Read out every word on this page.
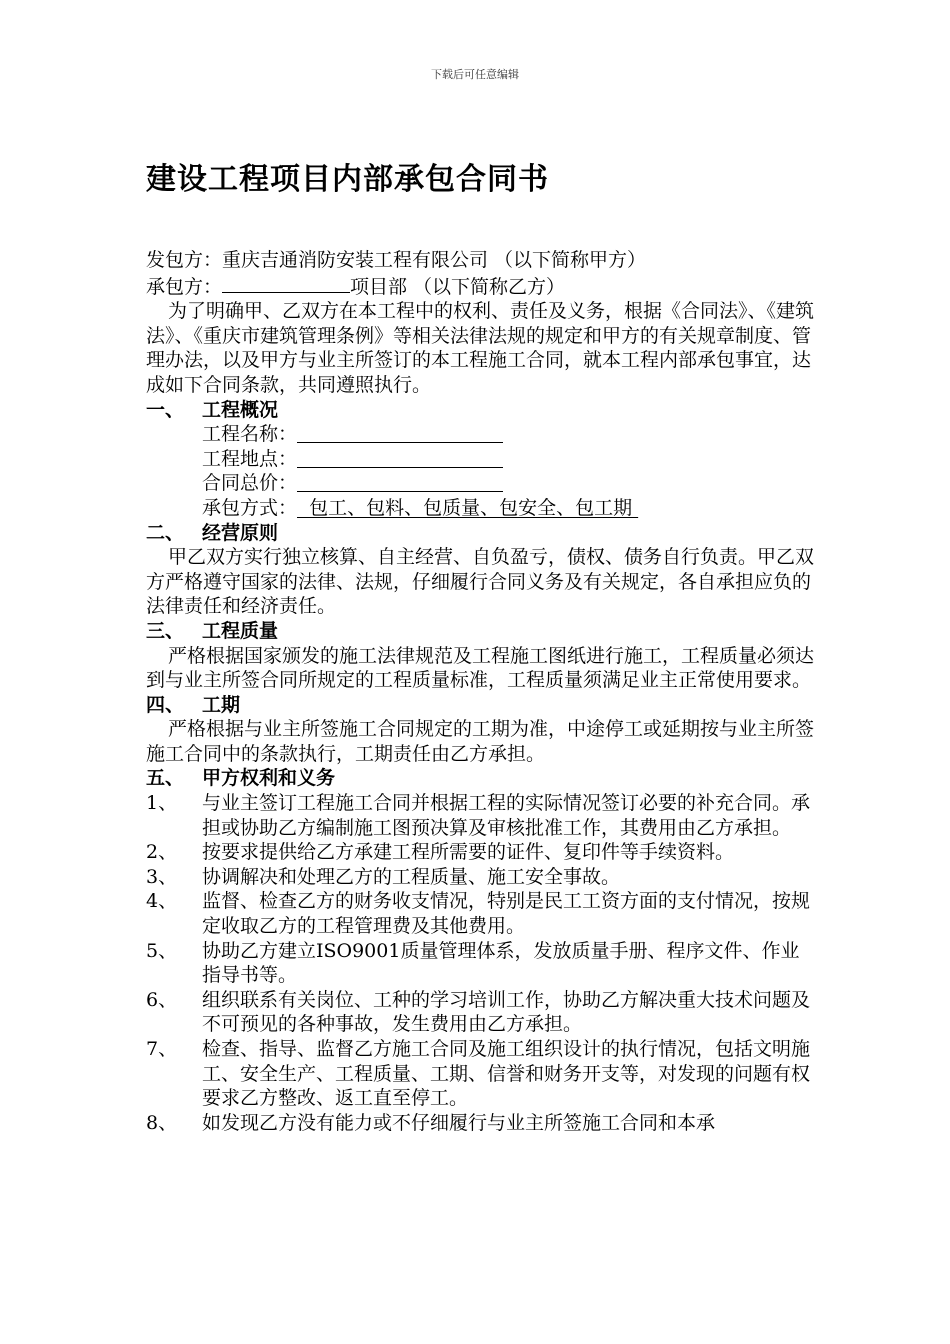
下载后可任意编辑
建设工程项目内部承包合同书

发包方：重庆吉通消防安装工程有限公司 （以下简称甲方）

承包方：	项目部 （以下简称乙方）

为了明确甲、乙双方在本工程中的权利、责任及义务，根据《合同法》、《建筑法》、《重庆市建筑管理条例》等相关法律法规的规定和甲方的有关规章制度、管理办法，以及甲方与业主所签订的本工程施工合同，就本工程内部承包事宜，达成如下合同条款，共同遵照执行。

一、 工程概况
工程名称：
工程地点：
合同总价：
承包方式： 包工、包料、包质量、包安全、包工期
二、 经营原则

甲乙双方实行独立核算、自主经营、自负盈亏，债权、债务自行负责。甲乙双方严格遵守国家的法律、法规，仔细履行合同义务及有关规定，各自承担应负的法律责任和经济责任。

三、 工程质量

严格根据国家颁发的施工法律规范及工程施工图纸进行施工，工程质量必须达到与业主所签合同所规定的工程质量标准，工程质量须满足业主正常使用要求。

四、 工期

严格根据与业主所签施工合同规定的工期为准，中途停工或延期按与业主所签施工合同中的条款执行，工期责任由乙方承担。

五、 甲方权利和义务
1、	与业主签订工程施工合同并根据工程的实际情况签订必要的补充合同。承担或协助乙方编制施工图预决算及审核批准工作，其费用由乙方承担。
2、	按要求提供给乙方承建工程所需要的证件、复印件等手续资料。
3、	协调解决和处理乙方的工程质量、施工安全事故。
4、	监督、检查乙方的财务收支情况，特别是民工工资方面的支付情况，按规定收取乙方的工程管理费及其他费用。
5、	协助乙方建立ISO9001质量管理体系，发放质量手册、程序文件、作业指导书等。
6、	组织联系有关岗位、工种的学习培训工作，协助乙方解决重大技术问题及不可预见的各种事故，发生费用由乙方承担。
7、	检查、指导、监督乙方施工合同及施工组织设计的执行情况，包括文明施工、安全生产、工程质量、工期、信誉和财务开支等，对发现的问题有权要求乙方整改、返工直至停工。
8、	如发现乙方没有能力或不仔细履行与业主所签施工合同和本承
